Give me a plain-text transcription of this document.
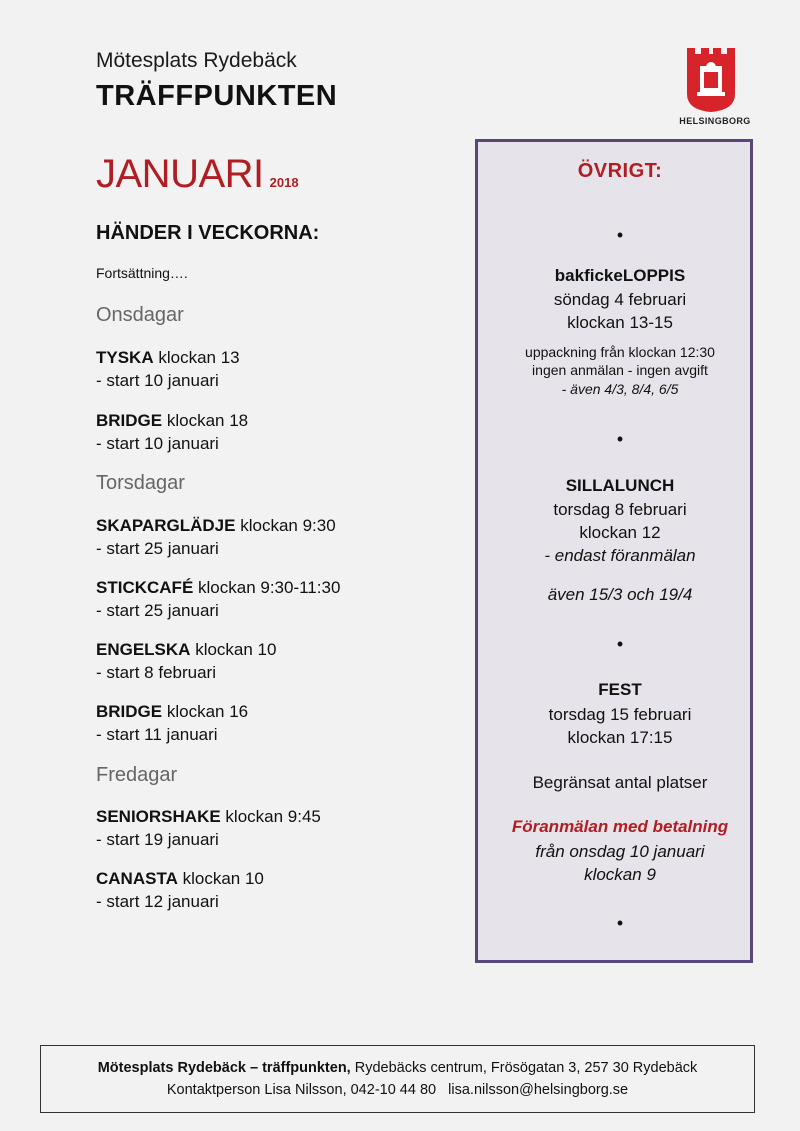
Mötesplats Rydebäck
TRÄFFPUNKTEN
HELSINGBORG
JANUARI 2018
HÄNDER I VECKORNA:
Fortsättning….
Onsdagar
TYSKA klockan 13
- start 10 januari
BRIDGE klockan 18
- start 10 januari
Torsdagar
SKAPARGLÄDJE klockan 9:30
- start 25 januari
STICKCAFÉ klockan 9:30-11:30
- start 25 januari
ENGELSKA klockan 10
- start 8 februari
BRIDGE klockan 16
- start 11 januari
Fredagar
SENIORSHAKE klockan 9:45
- start 19 januari
CANASTA klockan 10
- start 12 januari
ÖVRIGT:
•
bakfickeLOPPIS
söndag 4 februari
klockan 13-15
uppackning från klockan 12:30
ingen anmälan - ingen avgift
- även 4/3, 8/4, 6/5
•
SILLALUNCH
torsdag 8 februari
klockan 12
- endast föranmälan
även 15/3 och 19/4
•
FEST
torsdag 15 februari
klockan 17:15
Begränsat antal platser
Föranmälan med betalning
från onsdag 10 januari
klockan 9
•
Mötesplats Rydebäck – träffpunkten, Rydebäcks centrum, Frösögatan 3, 257 30 Rydebäck
Kontaktperson Lisa Nilsson, 042-10 44 80   lisa.nilsson@helsingborg.se
